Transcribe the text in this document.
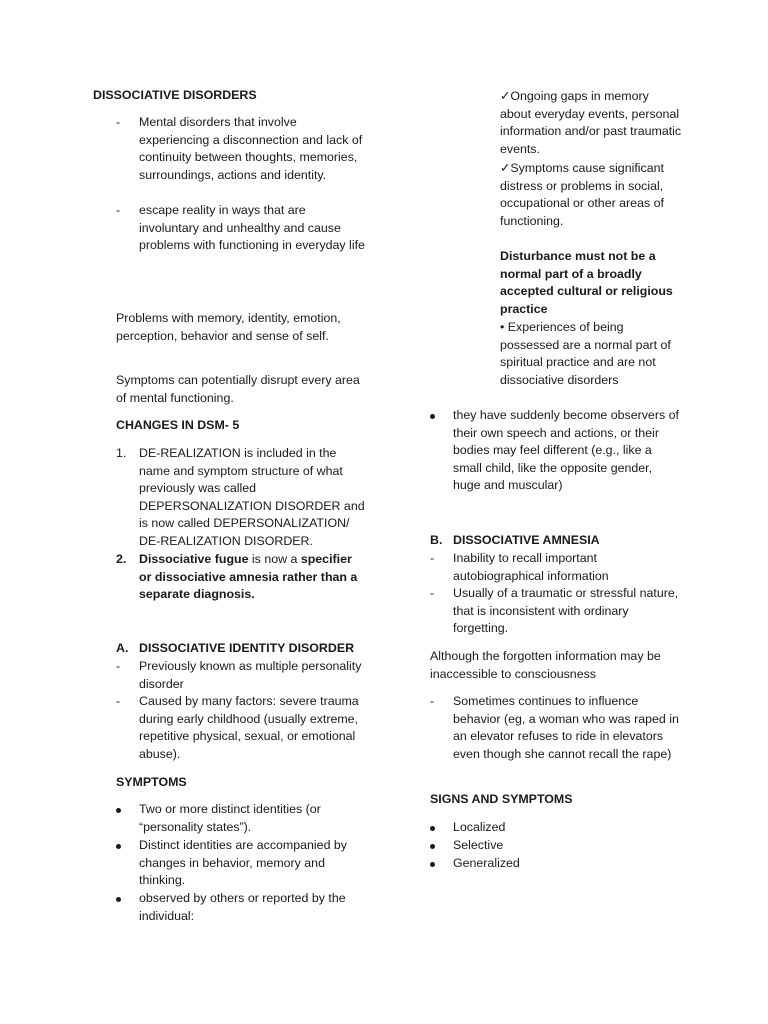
DISSOCIATIVE DISORDERS
- Mental disorders that involve experiencing a disconnection and lack of continuity between thoughts, memories, surroundings, actions and identity.
- escape reality in ways that are involuntary and unhealthy and cause problems with functioning in everyday life
Problems with memory, identity, emotion, perception, behavior and sense of self.
Symptoms can potentially disrupt every area of mental functioning.
CHANGES IN DSM- 5
1. DE-REALIZATION is included in the name and symptom structure of what previously was called DEPERSONALIZATION DISORDER and is now called DEPERSONALIZATION/ DE-REALIZATION DISORDER.
2. Dissociative fugue is now a specifier or dissociative amnesia rather than a separate diagnosis.
A. DISSOCIATIVE IDENTITY DISORDER
- Previously known as multiple personality disorder
- Caused by many factors: severe trauma during early childhood (usually extreme, repetitive physical, sexual, or emotional abuse).
SYMPTOMS
Two or more distinct identities (or “personality states”).
Distinct identities are accompanied by changes in behavior, memory and thinking.
observed by others or reported by the individual:
✓Ongoing gaps in memory about everyday events, personal information and/or past traumatic events.
✓Symptoms cause significant distress or problems in social, occupational or other areas of functioning.
Disturbance must not be a normal part of a broadly accepted cultural or religious practice
• Experiences of being possessed are a normal part of spiritual practice and are not dissociative disorders
they have suddenly become observers of their own speech and actions, or their bodies may feel different (e.g., like a small child, like the opposite gender, huge and muscular)
B. DISSOCIATIVE AMNESIA
- Inability to recall important autobiographical information
- Usually of a traumatic or stressful nature, that is inconsistent with ordinary forgetting.
Although the forgotten information may be inaccessible to consciousness
- Sometimes continues to influence behavior (eg, a woman who was raped in an elevator refuses to ride in elevators even though she cannot recall the rape)
SIGNS AND SYMPTOMS
Localized
Selective
Generalized
